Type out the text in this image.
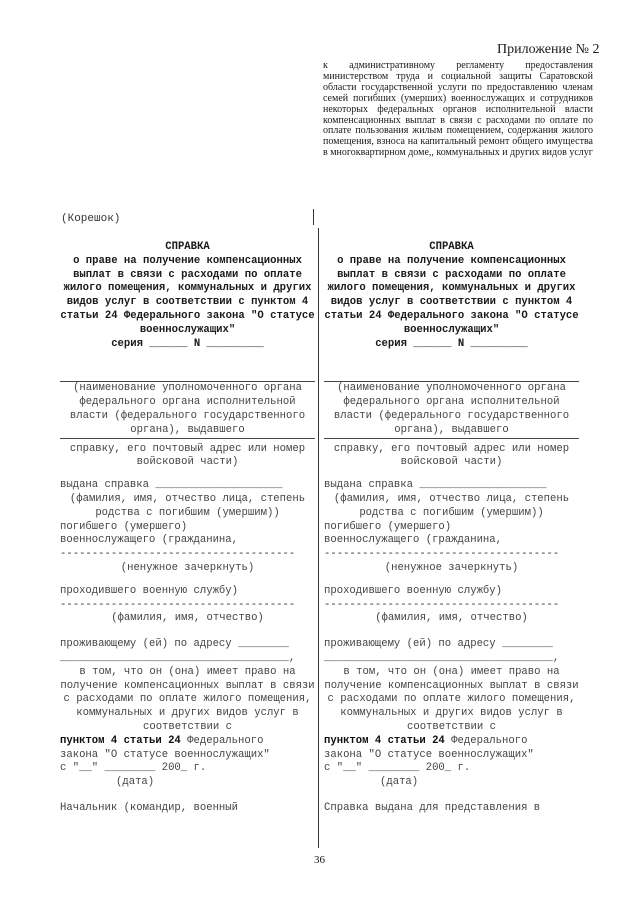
Приложение № 2
к административному регламенту предоставления министерством труда и социальной защиты Саратовской области государственной услуги по предоставлению членам семей погибших (умерших) военнослужащих и сотрудников некоторых федеральных органов исполнительной власти компенсационных выплат в связи с расходами по оплате по оплате пользования жилым помещением, содержания жилого помещения, взноса на капитальный ремонт общего имущества в многоквартирном доме,, коммунальных и других видов услуг
(Корешок)
СПРАВКА
о праве на получение компенсационных выплат в связи с расходами по оплате жилого помещения, коммунальных и других видов услуг в соответствии с пунктом 4 статьи 24 Федерального закона "О статусе военнослужащих"
серия ______ N _________
(наименование уполномоченного органа федерального органа исполнительной власти (федерального государственного органа), выдавшего
справку, его почтовый адрес или номер войсковой части)
выдана справка ____________________
(фамилия, имя, отчество лица, степень родства с погибшим (умершим))
погибшего (умершего)
военнослужащего (гражданина,
-------------------------------------
(ненужное зачеркнуть)
проходившего военную службу)
-------------------------------------
(фамилия, имя, отчество)
проживающему (ей) по адресу ________
____________________________________,
в том, что он (она) имеет право на получение компенсационных выплат в связи с расходами по оплате жилого помещения, коммунальных и других видов услуг в соответствии с
пунктом 4 статьи 24 Федерального
закона "О статусе военнослужащих"
с "__" ________ 200_ г.
(дата)
Начальник (командир, военный
СПРАВКА
о праве на получение компенсационных выплат в связи с расходами по оплате жилого помещения, коммунальных и других видов услуг в соответствии с пунктом 4 статьи 24 Федерального закона "О статусе военнослужащих"
серия ______ N _________
(наименование уполномоченного органа федерального органа исполнительной власти (федерального государственного органа), выдавшего
справку, его почтовый адрес или номер войсковой части)
выдана справка ____________________
(фамилия, имя, отчество лица, степень родства с погибшим (умершим))
погибшего (умершего)
военнослужащего (гражданина,
-------------------------------------
(ненужное зачеркнуть)
проходившего военную службу)
-------------------------------------
(фамилия, имя, отчество)
проживающему (ей) по адресу ________
____________________________________,
в том, что он (она) имеет право на получение компенсационных выплат в связи с расходами по оплате жилого помещения, коммунальных и других видов услуг в соответствии с
пунктом 4 статьи 24 Федерального
закона "О статусе военнослужащих"
с "__" ________ 200_ г.
(дата)
Справка выдана для представления в
36
